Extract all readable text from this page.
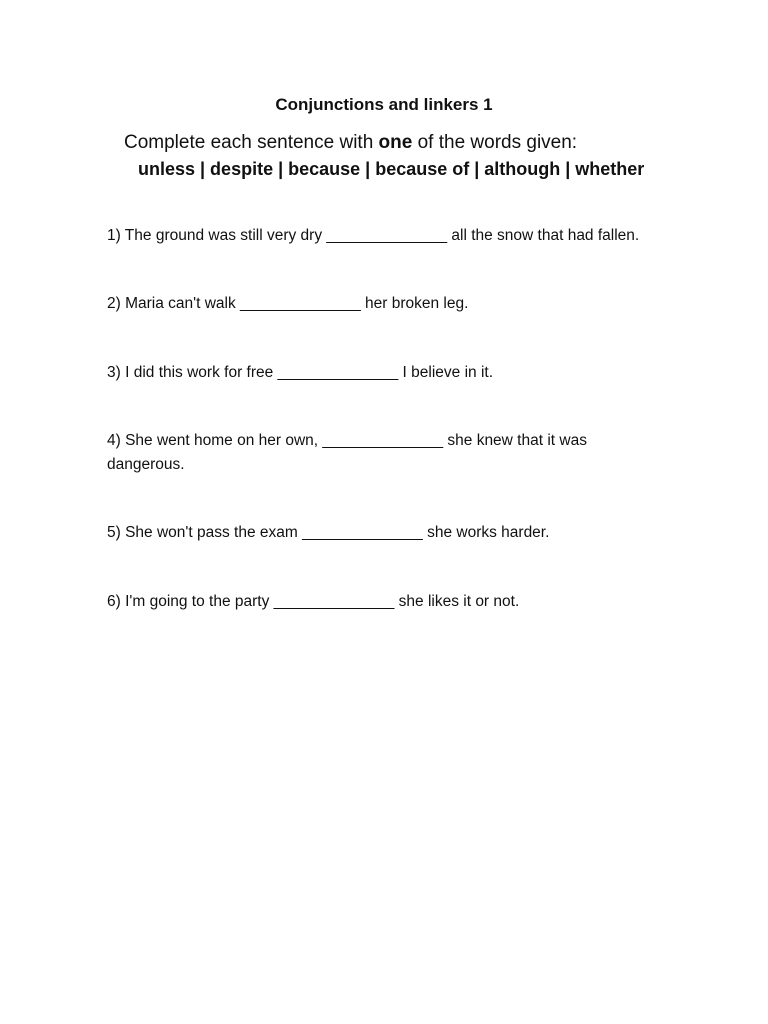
Conjunctions and linkers 1
Complete each sentence with one of the words given:
unless | despite | because | because of | although | whether

1) The ground was still very dry ______________ all the snow that had fallen.

2) Maria can't walk ______________ her broken leg.

3) I did this work for free ______________ I believe in it.

4) She went home on her own, ______________ she knew that it was dangerous.

5) She won't pass the exam ______________ she works harder.

6) I'm going to the party ______________ she likes it or not.
